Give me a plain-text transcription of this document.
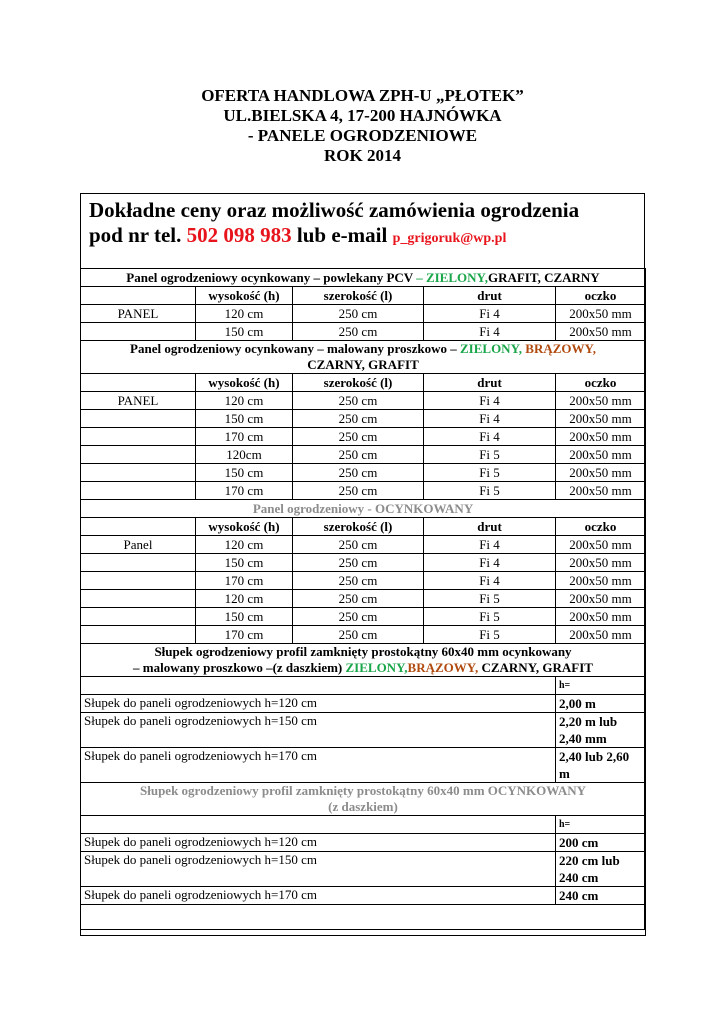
OFERTA HANDLOWA ZPH-U „PŁOTEK”
UL.BIELSKA 4, 17-200 HAJNÓWKA
- PANELE OGRODZENIOWE
ROK 2014
Dokładne ceny oraz możliwość zamówienia ogrodzenia
pod nr tel. 502 098 983 lub e-mail p_grigoruk@wp.pl
Panel ogrodzeniowy ocynkowany – powlekany PCV – ZIELONY,GRAFIT, CZARNY				
	wysokość (h)	szerokość (l)	drut	oczko
PANEL	120 cm	250 cm	Fi 4	200x50 mm
	150 cm	250 cm	Fi 4	200x50 mm
Panel ogrodzeniowy ocynkowany – malowany proszkowo – ZIELONY, BRĄZOWY,
CZARNY, GRAFIT				
	wysokość (h)	szerokość (l)	drut	oczko
PANEL	120 cm	250 cm	Fi 4	200x50 mm
	150 cm	250 cm	Fi 4	200x50 mm
	170 cm	250 cm	Fi 4	200x50 mm
	120cm	250 cm	Fi 5	200x50 mm
	150 cm	250 cm	Fi 5	200x50 mm
	170 cm	250 cm	Fi 5	200x50 mm
Panel ogrodzeniowy - OCYNKOWANY				
	wysokość (h)	szerokość (l)	drut	oczko
Panel	120 cm	250 cm	Fi 4	200x50 mm
	150 cm	250 cm	Fi 4	200x50 mm
	170 cm	250 cm	Fi 4	200x50 mm
	120 cm	250 cm	Fi 5	200x50 mm
	150 cm	250 cm	Fi 5	200x50 mm
	170 cm	250 cm	Fi 5	200x50 mm
Słupek ogrodzeniowy profil zamknięty prostokątny 60x40 mm ocynkowany
– malowany proszkowo –(z daszkiem) ZIELONY,BRĄZOWY, CZARNY, GRAFIT				
				h=
Słupek do paneli ogrodzeniowych h=120 cm				2,00 m
Słupek do paneli ogrodzeniowych h=150 cm				2,20 m lub 2,40 mm
Słupek do paneli ogrodzeniowych h=170 cm				2,40 lub 2,60 m
Słupek ogrodzeniowy profil zamknięty prostokątny 60x40 mm OCYNKOWANY
(z daszkiem)				
				h=
Słupek do paneli ogrodzeniowych h=120 cm				200 cm
Słupek do paneli ogrodzeniowych h=150 cm				220 cm lub 240 cm
Słupek do paneli ogrodzeniowych h=170 cm				240 cm
